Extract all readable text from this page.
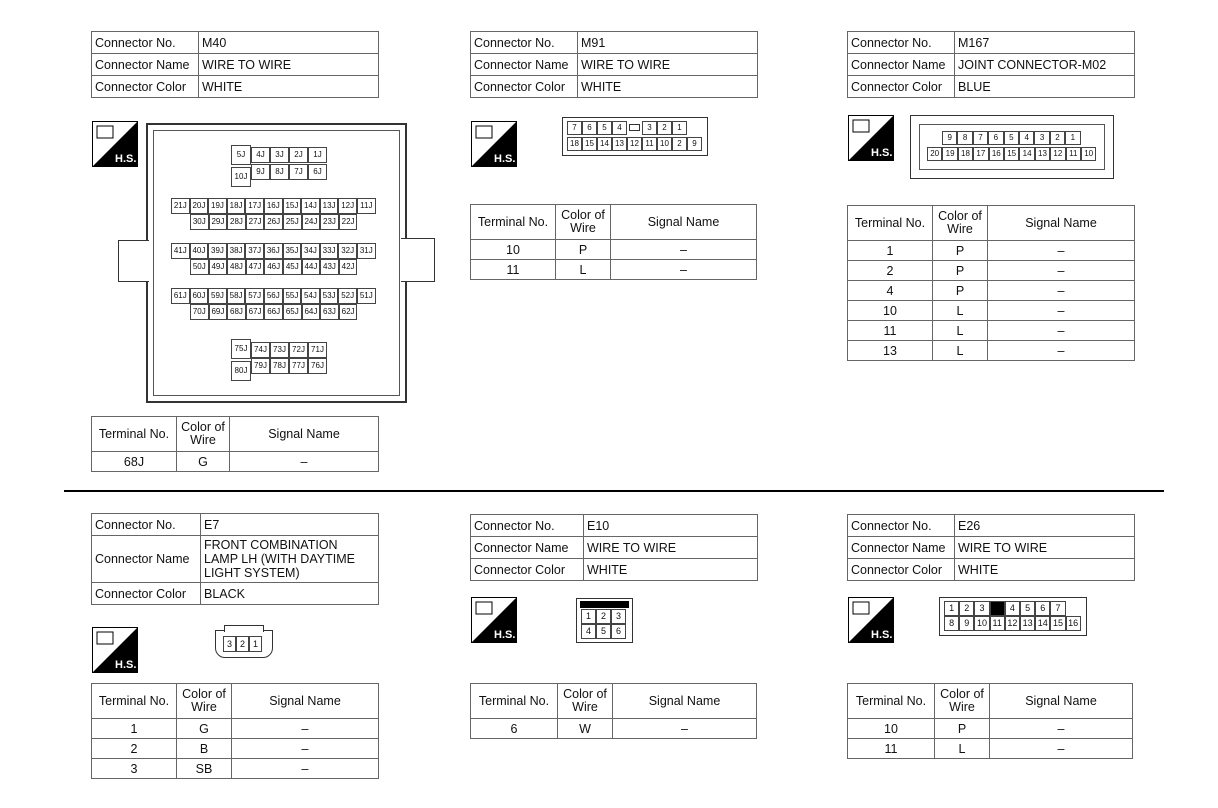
Connector No.	M40
Connector Name	WIRE TO WIRE
Connector Color	WHITE
H.S.
Terminal No.	Color of Wire	Signal Name
68J	G	–
Connector No.	M91
Connector Name	WIRE TO WIRE
Connector Color	WHITE
H.S.
Terminal No.	Color of Wire	Signal Name
10	P	–
11	L	–
Connector No.	M167
Connector Name	JOINT CONNECTOR-M02
Connector Color	BLUE
H.S.
Terminal No.	Color of Wire	Signal Name
1	P	–
2	P	–
4	P	–
10	L	–
11	L	–
13	L	–
Connector No.	E7
Connector Name	FRONT COMBINATION LAMP LH (WITH DAYTIME LIGHT SYSTEM)
Connector Color	BLACK
H.S.
Terminal No.	Color of Wire	Signal Name
1	G	–
2	B	–
3	SB	–
Connector No.	E10
Connector Name	WIRE TO WIRE
Connector Color	WHITE
H.S.
Terminal No.	Color of Wire	Signal Name
6	W	–
Connector No.	E26
Connector Name	WIRE TO WIRE
Connector Color	WHITE
H.S.
Terminal No.	Color of Wire	Signal Name
10	P	–
11	L	–
5J	4J	3J	2J	1J
10J
9J	8J	7J	6J
21J 20J 19J 18J 17J 16J 15J 14J 13J 12J 11J
30J 29J 28J 27J 26J 25J 24J 23J 22J
41J 40J 39J 38J 37J 36J 35J 34J 33J 32J 31J
50J 49J 48J 47J 46J 45J 44J 43J 42J
61J 60J 59J 58J 57J 56J 55J 54J 53J 52J 51J
70J 69J 68J 67J 66J 65J 64J 63J 62J
75J 74J 73J 72J 71J
80J
79J 78J 77J 76J
7	6	5	4	3	2	1
18 15 14 13 12 11 10	2	9
9	8	7	6	5	4	3	2	1
20 19 18 17 16 15 14 13 12 11 10
3 2 1
1	2	3
4	5	6
1	2	3	4	5	6	7
8	9 10 11 12 13 14 15 16
